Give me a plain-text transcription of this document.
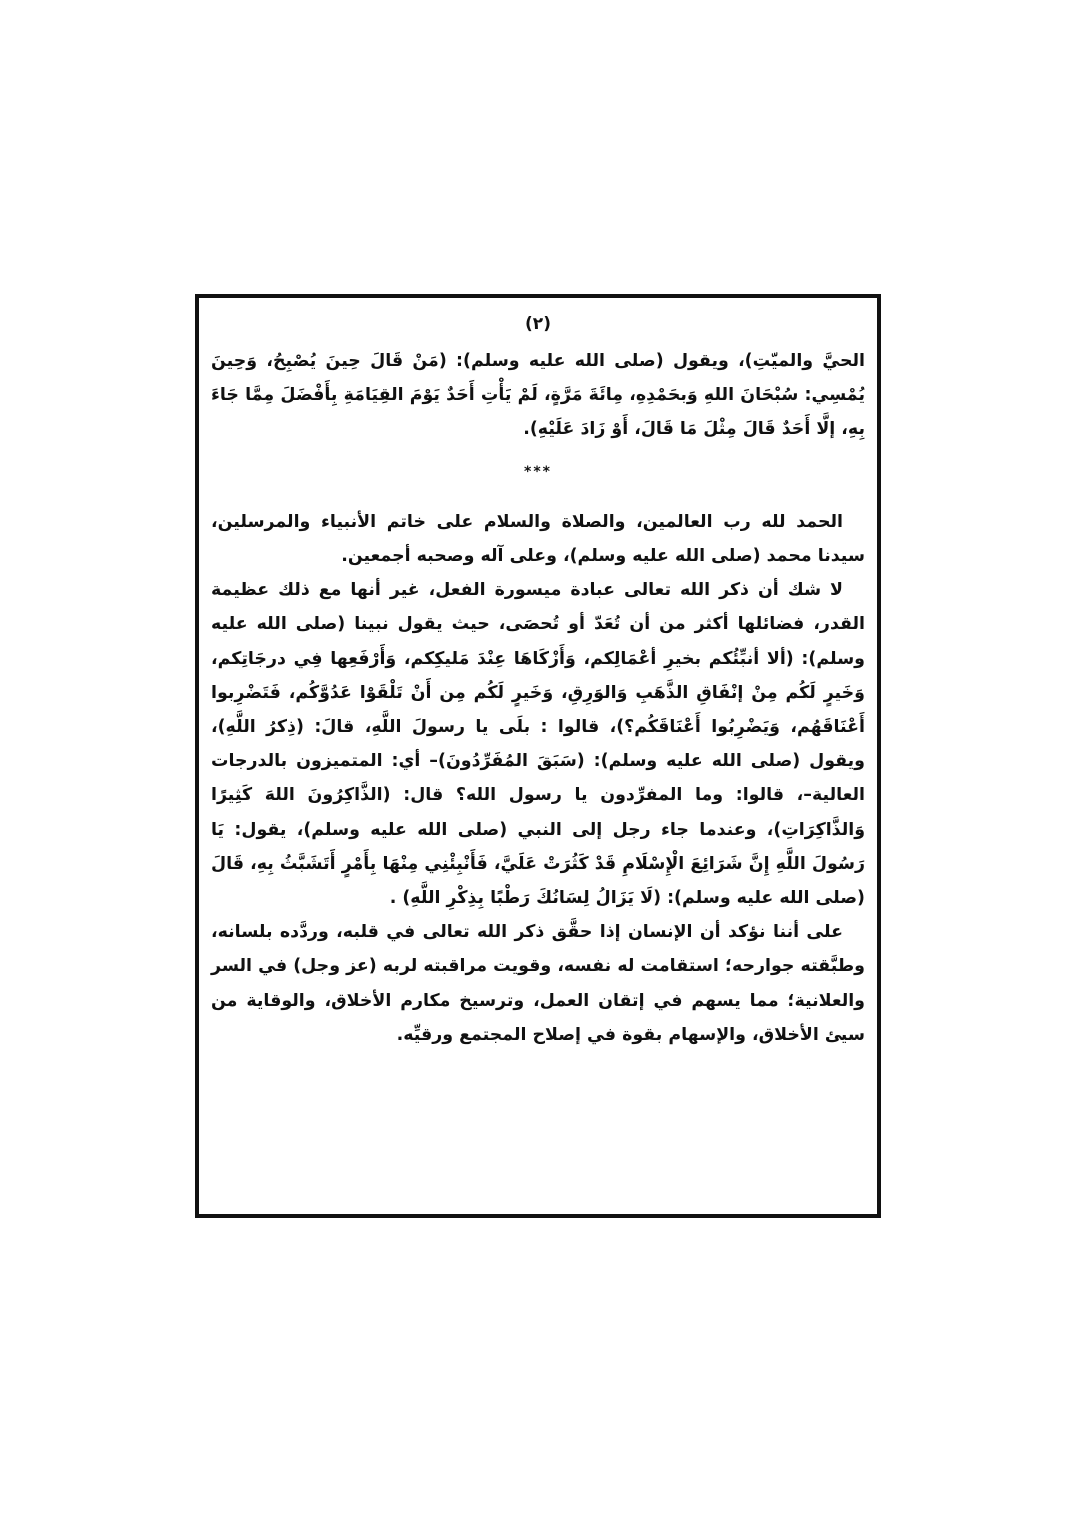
(٢)

الحيَّ والميّتِ)، ويقول (صلى الله عليه وسلم): (مَنْ قَالَ حِينَ يُصْبِحُ، وَحِينَ يُمْسِي: سُبْحَانَ اللهِ وَبحَمْدِهِ، مِائَةَ مَرَّةٍ، لَمْ يَأْتِ أَحَدٌ يَوْمَ القِيَامَةِ بِأَفْضَلَ مِمَّا جَاءَ بِهِ، إلَّا أَحَدٌ قَالَ مِثْلَ مَا قَالَ، أَوْ زَادَ عَلَيْهِ).

***

الحمد لله رب العالمين، والصلاة والسلام على خاتم الأنبياء والمرسلين، سيدنا محمد (صلى الله عليه وسلم)، وعلى آله وصحبه أجمعين.

لا شك أن ذكر الله تعالى عبادة ميسورة الفعل، غير أنها مع ذلك عظيمة القدر، فضائلها أكثر من أن تُعَدّ أو تُحصَى، حيث يقول نبينا (صلى الله عليه وسلم): (ألا أنبِّئُكم بخيرِ أعْمَالِكم، وَأَزْكَاهَا عِنْدَ مَليكِكم، وَأَرْفَعِها فِي درجَاتِكم، وَخَيرٍ لَكُم مِنْ إنْفَاقِ الذَّهَبِ وَالوَرِقِ، وَخَيرٍ لَكُم مِن أَنْ تَلْقَوْا عَدُوَّكُم، فَتَضْرِبوا أَعْنَاقَهُم، وَيَضْرِبُوا أَعْنَاقَكُم؟)، قالوا : بلَى يا رسولَ اللَّهِ، قالَ: (ذِكرُ اللَّهِ)، ويقول (صلى الله عليه وسلم): (سَبَقَ المُفَرِّدُونَ)– أي: المتميزون بالدرجات العالية–، قالوا: وما المفرِّدون يا رسول الله؟ قال: (الذَّاكِرُونَ اللهَ كَثِيرًا وَالذَّاكِرَاتِ)، وعندما جاء رجل إلى النبي (صلى الله عليه وسلم)، يقول: يَا رَسُولَ اللَّهِ إِنَّ شَرَائِعَ الْإِسْلَامِ قَدْ كَثُرَتْ عَلَيَّ، فَأَنْبِئْنِي مِنْهَا بِأَمْرٍ أَتَشَبَّثُ بِهِ، قَالَ (صلى الله عليه وسلم): (لَا يَزَالُ لِسَانُكَ رَطْبًا بِذِكْرِ اللَّهِ) .

على أننا نؤكد أن الإنسان إذا حقَّق ذكر الله تعالى في قلبه، وردَّده بلسانه، وطبَّقته جوارحه؛ استقامت له نفسه، وقويت مراقبته لربه (عز وجل) في السر والعلانية؛ مما يسهم في إتقان العمل، وترسيخ مكارم الأخلاق، والوقاية من سيئ الأخلاق، والإسهام بقوة في إصلاح المجتمع ورقيِّه.
